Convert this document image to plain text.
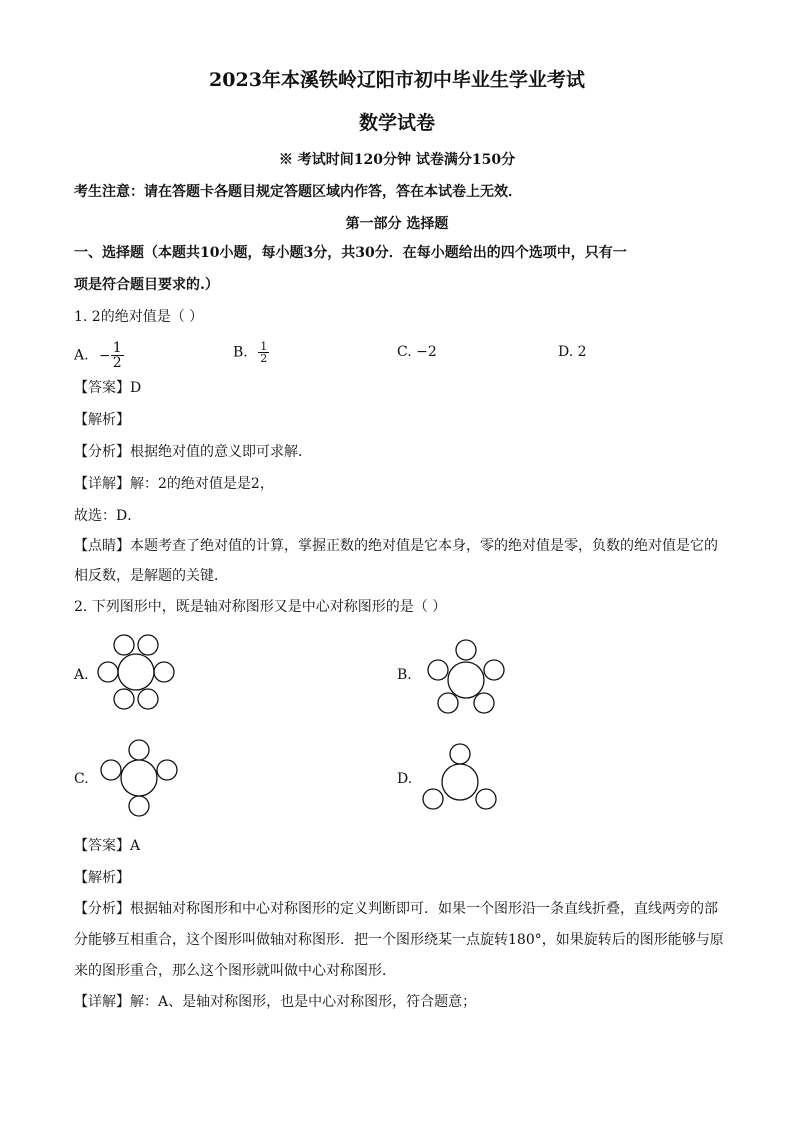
2023年本溪铁岭辽阳市初中毕业生学业考试
数学试卷
※ 考试时间120分钟 试卷满分150分
考生注意：请在答题卡各题目规定答题区域内作答，答在本试卷上无效．
第一部分 选择题
一、选择题（本题共10小题，每小题3分，共30分．在每小题给出的四个选项中，只有一
项是符合题目要求的.）
1. 2的绝对值是（ ）
A. − $\frac{1}{2}$	B. $\frac{1}{2}$	C. −2	D. 2
【答案】D
【解析】
【分析】根据绝对值的意义即可求解．
【详解】解：2的绝对值是是2，
故选：D．
【点睛】本题考查了绝对值的计算，掌握正数的绝对值是它本身，零的绝对值是零，负数的绝对值是它的
相反数，是解题的关键．
2. 下列图形中，既是轴对称图形又是中心对称图形的是（ ）
A.	B.
C.	D.
【答案】A
【解析】
【分析】根据轴对称图形和中心对称图形的定义判断即可．如果一个图形沿一条直线折叠，直线两旁的部
分能够互相重合，这个图形叫做轴对称图形．把一个图形绕某一点旋转180°，如果旋转后的图形能够与原
来的图形重合，那么这个图形就叫做中心对称图形．
【详解】解：A、是轴对称图形，也是中心对称图形，符合题意；
